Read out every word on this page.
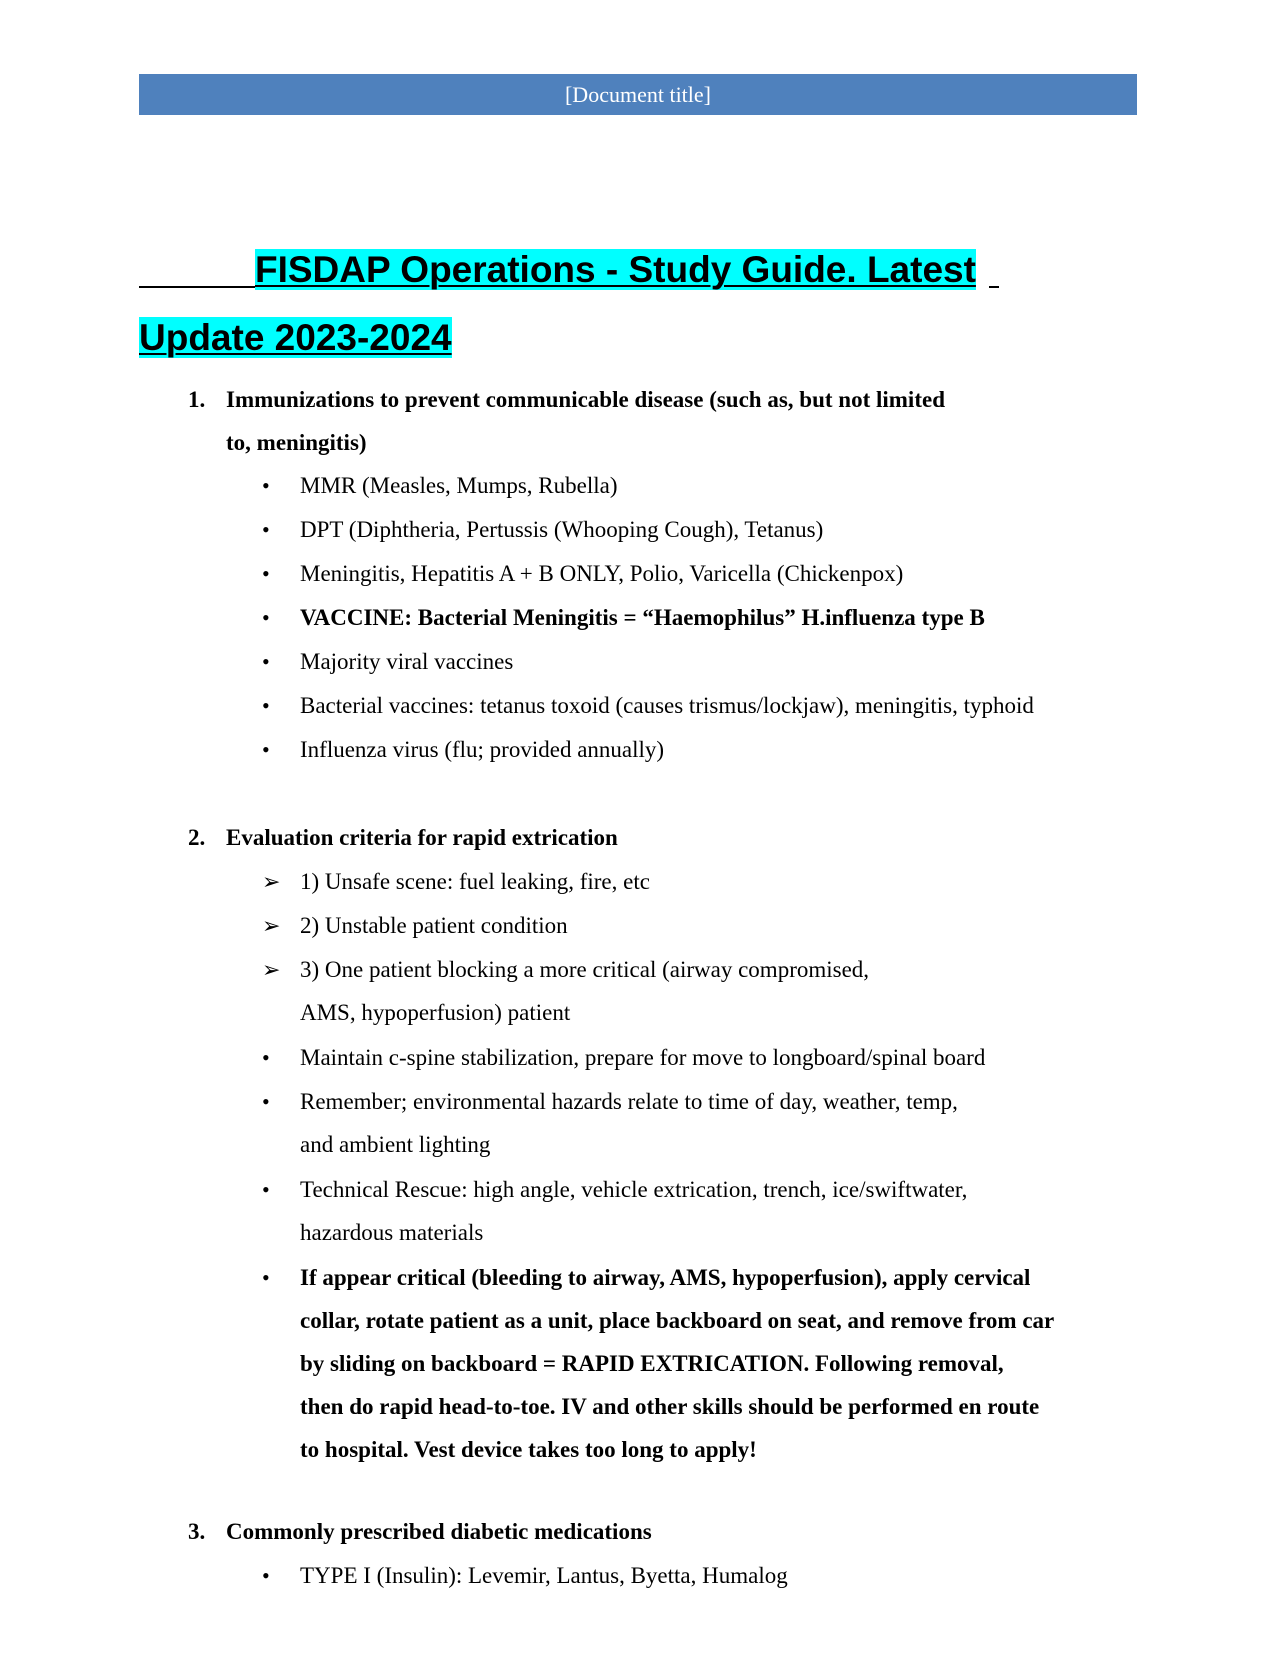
[Document title]
FISDAP Operations - Study Guide. Latest
Update 2023-2024
1. Immunizations to prevent communicable disease (such as, but not limited
to, meningitis)
•	MMR (Measles, Mumps, Rubella)
•	DPT (Diphtheria, Pertussis (Whooping Cough), Tetanus)
•	Meningitis, Hepatitis A + B ONLY, Polio, Varicella (Chickenpox)
•	VACCINE: Bacterial Meningitis = “Haemophilus” H.influenza type B
•	Majority viral vaccines
•	Bacterial vaccines: tetanus toxoid (causes trismus/lockjaw), meningitis, typhoid
•	Influenza virus (flu; provided annually)
2. Evaluation criteria for rapid extrication
➢ 1) Unsafe scene: fuel leaking, fire, etc
➢ 2) Unstable patient condition
➢ 3) One patient blocking a more critical (airway compromised,
AMS, hypoperfusion) patient
•	Maintain c-spine stabilization, prepare for move to longboard/spinal board
•	Remember; environmental hazards relate to time of day, weather, temp,
and ambient lighting
•	Technical Rescue: high angle, vehicle extrication, trench, ice/swiftwater,
hazardous materials
•	If appear critical (bleeding to airway, AMS, hypoperfusion), apply cervical
collar, rotate patient as a unit, place backboard on seat, and remove from car
by sliding on backboard = RAPID EXTRICATION. Following removal,
then do rapid head-to-toe. IV and other skills should be performed en route
to hospital. Vest device takes too long to apply!
3. Commonly prescribed diabetic medications
•	TYPE I (Insulin): Levemir, Lantus, Byetta, Humalog
